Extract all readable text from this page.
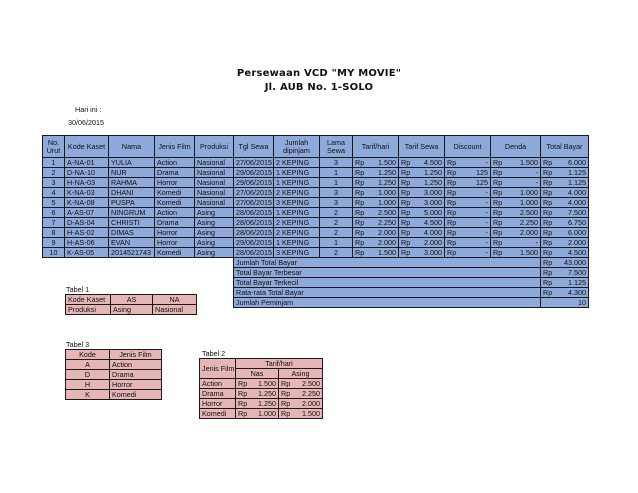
Persewaan VCD "MY MOVIE"
Jl. AUB No. 1-SOLO
Hari ini :
30/06/2015
No. Urut	Kode Kaset	Nama	Jenis Film	Produksi	Tgl Sewa	Jumlah dipinjam	Lama Sewa	Tarif/hari	Tarif Sewa	Discount	Denda	Total Bayar
1	A-NA-01	YULIA	Action	Nasional	27/06/2015	2 KEPING	3	Rp 1.500	Rp 4.500	Rp -	Rp 1.500	Rp 6.000

2	D-NA-10	NUR	Drama	Nasional	29/06/2015	1 KEPING	1	Rp 1.250	Rp 1.250	Rp 125	Rp -	Rp 1.125

3	H-NA-03	RAHMA	Horror	Nasional	29/06/2015	1 KEPING	1	Rp 1.250	Rp 1.250	Rp 125	Rp -	Rp 1.125

4	K-NA-03	DHANI	Komedi	Nasional	27/06/2015	2 KEPING	3	Rp 1.000	Rp 3.000	Rp -	Rp 1.000	Rp 4.000

5	K-NA-08	PUSPA	Komedi	Nasional	27/06/2015	3 KEPING	3	Rp 1.000	Rp 3.000	Rp -	Rp 1.000	Rp 4.000

6	A-AS-07	NINGRUM	Action	Asing	28/06/2015	1 KEPING	2	Rp 2.500	Rp 5.000	Rp -	Rp 2.500	Rp 7.500

7	D-AS-04	CHRISTI	Drama	Asing	28/06/2015	2 KEPING	2	Rp 2.250	Rp 4.500	Rp -	Rp 2.250	Rp 6.750

8	H-AS-02	DIMAS	Horror	Asing	28/06/2015	2 KEPING	2	Rp 2.000	Rp 4.000	Rp -	Rp 2.000	Rp 6.000

9	H-AS-06	EVAN	Horror	Asing	29/06/2015	1 KEPING	1	Rp 2.000	Rp 2.000	Rp -	Rp -	Rp 2.000

10	K-AS-05	2014521743	Komedi	Asing	28/06/2015	3 KEPING	2	Rp 1.500	Rp 3.000	Rp -	Rp 1.500	Rp 4.500

					Jumlah Total Bayar							Rp 43.000

					Total Bayar Terbesar							Rp 7.500

					Total Bayar Terkecil							Rp 1.125

					Rata-rata Total Bayar							Rp 4.300

					Jumlah Peminjam							10
Tabel 1
Kode Kaset	AS	NA
Produksi	Asing	Nasional
Tabel 3
Kode	Jenis Film
A	Action
D	Drama
H	Horror
K	Komedi
Tabel 2
Jenis Film	Tarif/hari	
	Nas	Asing
Action	Rp 1.500	Rp 2.500

Drama	Rp 1.250	Rp 2.250

Horror	Rp 1.250	Rp 2.000

Komedi	Rp 1.000	Rp 1.500
